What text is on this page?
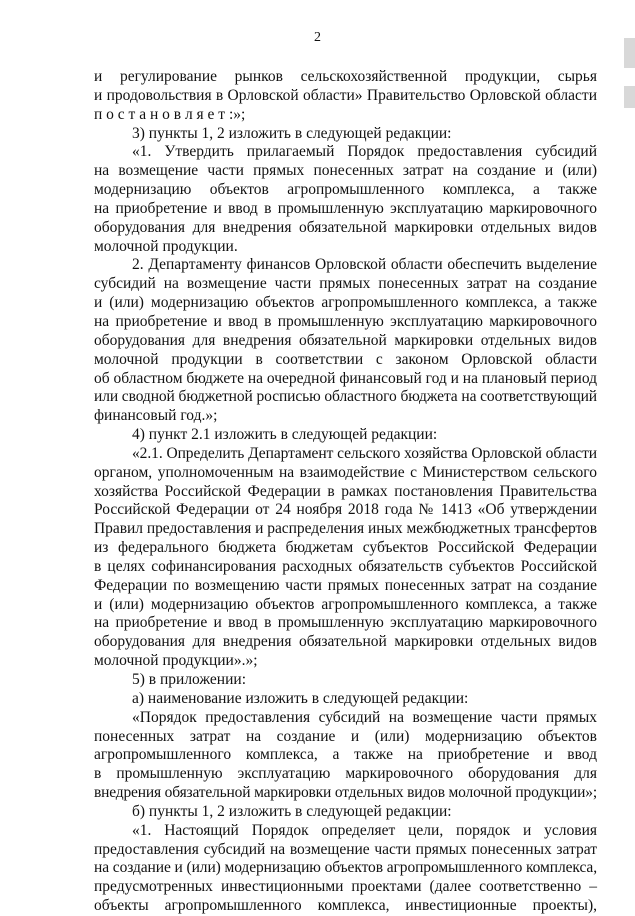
2
и регулирование рынков сельскохозяйственной продукции, сырья
и продовольствия в Орловской области» Правительство Орловской области
п о с т а н о в л я е т :»;
3) пункты 1, 2 изложить в следующей редакции:
«1. Утвердить прилагаемый Порядок предоставления субсидий
на возмещение части прямых понесенных затрат на создание и (или)
модернизацию объектов агропромышленного комплекса, а также
на приобретение и ввод в промышленную эксплуатацию маркировочного
оборудования для внедрения обязательной маркировки отдельных видов
молочной продукции.
2. Департаменту финансов Орловской области обеспечить выделение
субсидий на возмещение части прямых понесенных затрат на создание
и (или) модернизацию объектов агропромышленного комплекса, а также
на приобретение и ввод в промышленную эксплуатацию маркировочного
оборудования для внедрения обязательной маркировки отдельных видов
молочной продукции в соответствии с законом Орловской области
об областном бюджете на очередной финансовый год и на плановый период
или сводной бюджетной росписью областного бюджета на соответствующий
финансовый год.»;
4) пункт 2.1 изложить в следующей редакции:
«2.1. Определить Департамент сельского хозяйства Орловской области
органом, уполномоченным на взаимодействие с Министерством сельского
хозяйства Российской Федерации в рамках постановления Правительства
Российской Федерации от 24 ноября 2018 года № 1413 «Об утверждении
Правил предоставления и распределения иных межбюджетных трансфертов
из федерального бюджета бюджетам субъектов Российской Федерации
в целях софинансирования расходных обязательств субъектов Российской
Федерации по возмещению части прямых понесенных затрат на создание
и (или) модернизацию объектов агропромышленного комплекса, а также
на приобретение и ввод в промышленную эксплуатацию маркировочного
оборудования для внедрения обязательной маркировки отдельных видов
молочной продукции».»;
5) в приложении:
а) наименование изложить в следующей редакции:
«Порядок предоставления субсидий на возмещение части прямых
понесенных затрат на создание и (или) модернизацию объектов
агропромышленного комплекса, а также на приобретение и ввод
в промышленную эксплуатацию маркировочного оборудования для
внедрения обязательной маркировки отдельных видов молочной продукции»;
б) пункты 1, 2 изложить в следующей редакции:
«1. Настоящий Порядок определяет цели, порядок и условия
предоставления субсидий на возмещение части прямых понесенных затрат
на создание и (или) модернизацию объектов агропромышленного комплекса,
предусмотренных инвестиционными проектами (далее соответственно –
объекты агропромышленного комплекса, инвестиционные проекты),
